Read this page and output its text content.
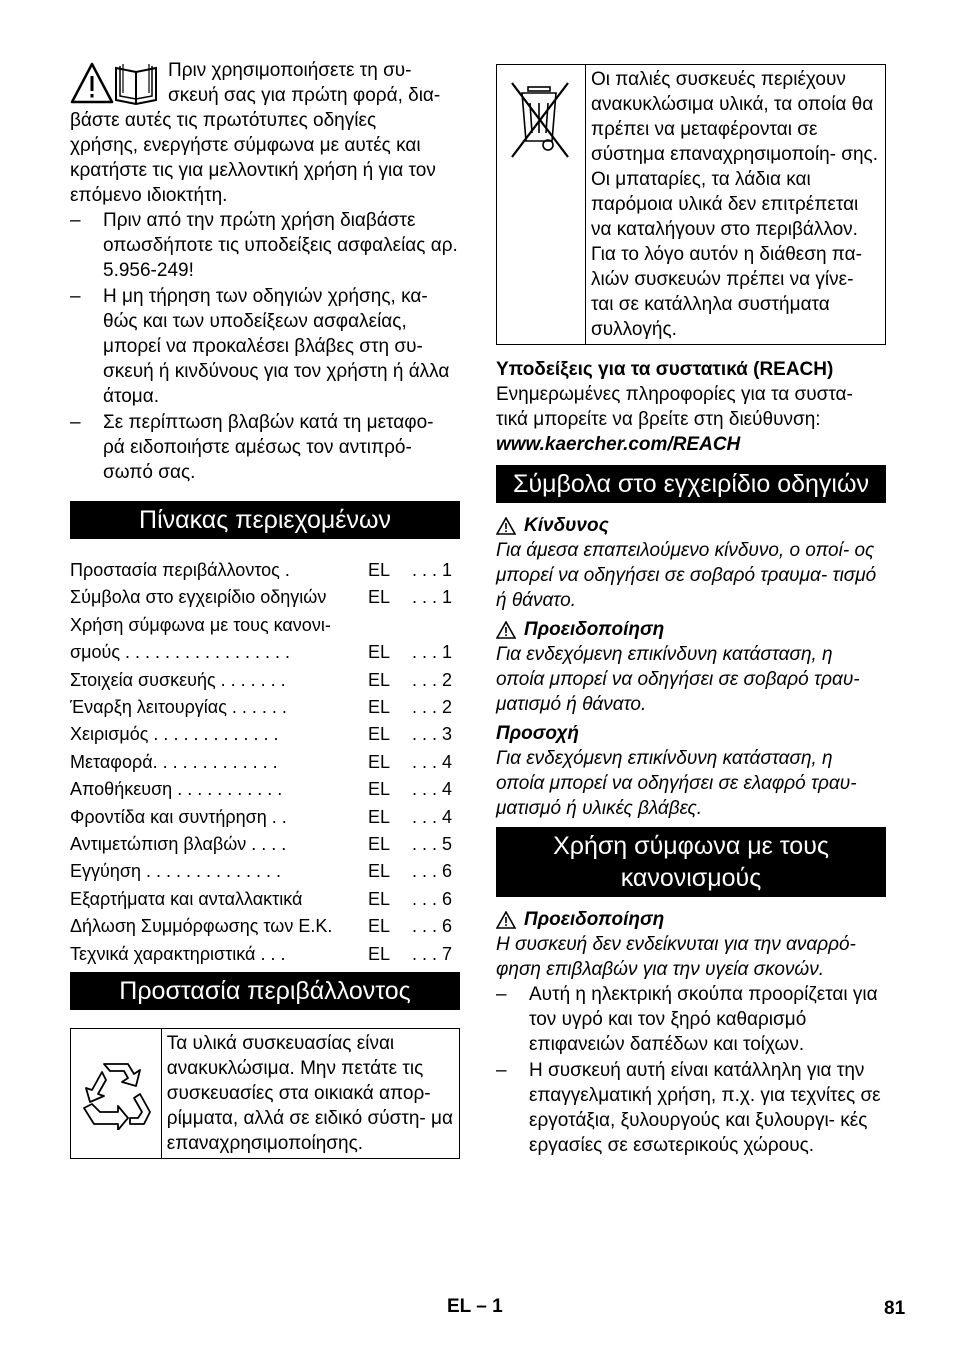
Πριν χρησιμοποιήσετε τη συ-

σκευή σας για πρώτη φορά, δια-

βάστε αυτές τις πρωτότυπες οδηγίες

χρήσης, ενεργήστε σύμφωνα με αυτές και

κρατήστε τις για μελλοντική χρήση ή για τον

επόμενο ιδιοκτήτη.

– Πριν από την πρώτη χρήση διαβάστε οπωσδήποτε τις υποδείξεις ασφαλείας αρ. 5.956-249!
– Η μη τήρηση των οδηγιών χρήσης, κα- θώς και των υποδείξεων ασφαλείας, μπορεί να προκαλέσει βλάβες στη συ- σκευή ή κινδύνους για τον χρήστη ή άλλα άτομα.
– Σε περίπτωση βλαβών κατά τη μεταφο- ρά ειδοποιήστε αμέσως τον αντιπρό- σωπό σας.
Πίνακας περιεχομένων
Προστασία περιβάλλοντος .	EL	. . . 1
Σύμβολα στο εγχειρίδιο οδηγιών	EL	. . . 1
Χρήση σύμφωνα με τους κανονι-
σμούς . . . . . . . . . . . . . . . . .	EL	. . . 1
Στοιχεία συσκευής . . . . . . .	EL	. . . 2
Έναρξη λειτουργίας . . . . . .	EL	. . . 2
Χειρισμός . . . . . . . . . . . . .	EL	. . . 3
Μεταφορά. . . . . . . . . . . . .	EL	. . . 4
Αποθήκευση . . . . . . . . . . .	EL	. . . 4
Φροντίδα και συντήρηση . .	EL	. . . 4
Αντιμετώπιση βλαβών . . . .	EL	. . . 5
Εγγύηση . . . . . . . . . . . . . .	EL	. . . 6
Εξαρτήματα και ανταλλακτικά	EL	. . . 6
Δήλωση Συμμόρφωσης των Ε.Κ.	EL	. . . 6
Τεχνικά χαρακτηριστικά . . .	EL	. . . 7
Προστασία περιβάλλοντος
Τα υλικά συσκευασίας είναι ανακυκλώσιμα. Μην πετάτε τις συσκευασίες στα οικιακά απορ- ρίμματα, αλλά σε ειδικό σύστη- μα επαναχρησιμοποίησης.
Οι παλιές συσκευές περιέχουν ανακυκλώσιμα υλικά, τα οποία θα πρέπει να μεταφέρονται σε σύστημα επαναχρησιμοποίη- σης. Οι μπαταρίες, τα λάδια και παρόμοια υλικά δεν επιτρέπεται να καταλήγουν στο περιβάλλον. Για το λόγο αυτόν η διάθεση πα- λιών συσκευών πρέπει να γίνε- ται σε κατάλληλα συστήματα συλλογής.

Υποδείξεις για τα συστατικά (REACH)

Ενημερωμένες πληροφορίες για τα συστα- τικά μπορείτε να βρείτε στη διεύθυνση:

www.kaercher.com/REACH

Σύμβολα στο εγχειρίδιο οδηγιών
Κίνδυνος

Για άμεσα επαπειλούμενο κίνδυνο, ο οποί- ος μπορεί να οδηγήσει σε σοβαρό τραυμα- τισμό ή θάνατο.

Προειδοποίηση

Για ενδεχόμενη επικίνδυνη κατάσταση, η οποία μπορεί να οδηγήσει σε σοβαρό τραυ- ματισμό ή θάνατο.

Προσοχή

Για ενδεχόμενη επικίνδυνη κατάσταση, η οποία μπορεί να οδηγήσει σε ελαφρό τραυ- ματισμό ή υλικές βλάβες.

Χρήση σύμφωνα με τους κανονισμούς
Προειδοποίηση

Η συσκευή δεν ενδείκνυται για την αναρρό- φηση επιβλαβών για την υγεία σκονών.

– Αυτή η ηλεκτρική σκούπα προορίζεται για τον υγρό και τον ξηρό καθαρισμό επιφανειών δαπέδων και τοίχων.
– Η συσκευή αυτή είναι κατάλληλη για την επαγγελματική χρήση, π.χ. για τεχνίτες σε εργοτάξια, ξυλουργούς και ξυλουργι- κές εργασίες σε εσωτερικούς χώρους.
EL – 1	81
